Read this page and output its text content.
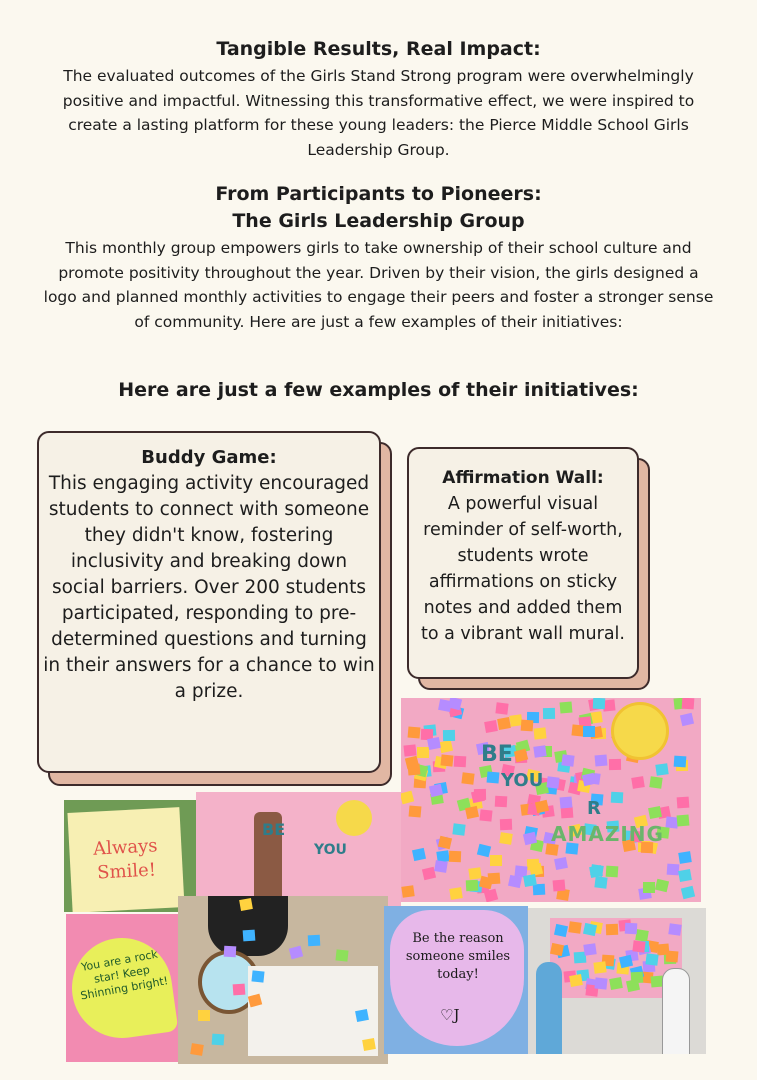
Tangible Results, Real Impact:
The evaluated outcomes of the Girls Stand Strong program were overwhelmingly positive and impactful. Witnessing this transformative effect, we were inspired to create a lasting platform for these young leaders: the Pierce Middle School Girls Leadership Group.
From Participants to Pioneers:
The Girls Leadership Group
This monthly group empowers girls to take ownership of their school culture and promote positivity throughout the year. Driven by their vision, the girls designed a logo and planned monthly activities to engage their peers and foster a stronger sense of community. Here are just a few examples of their initiatives:
Here are just a few examples of their initiatives:
Buddy Game:
This engaging activity encouraged students to connect with someone they didn't know, fostering inclusivity and breaking down social barriers. Over 200 students participated, responding to pre-determined questions and turning in their answers for a chance to win a prize.
Affirmation Wall:
A powerful visual reminder of self-worth, students wrote affirmations on sticky notes and added them to a vibrant wall mural.
BE
YOU
R
AMAZING
Always Smile!
BE
YOU
You are a rock star! Keep Shinning bright!
Be the reason someone smiles today!
♡J
